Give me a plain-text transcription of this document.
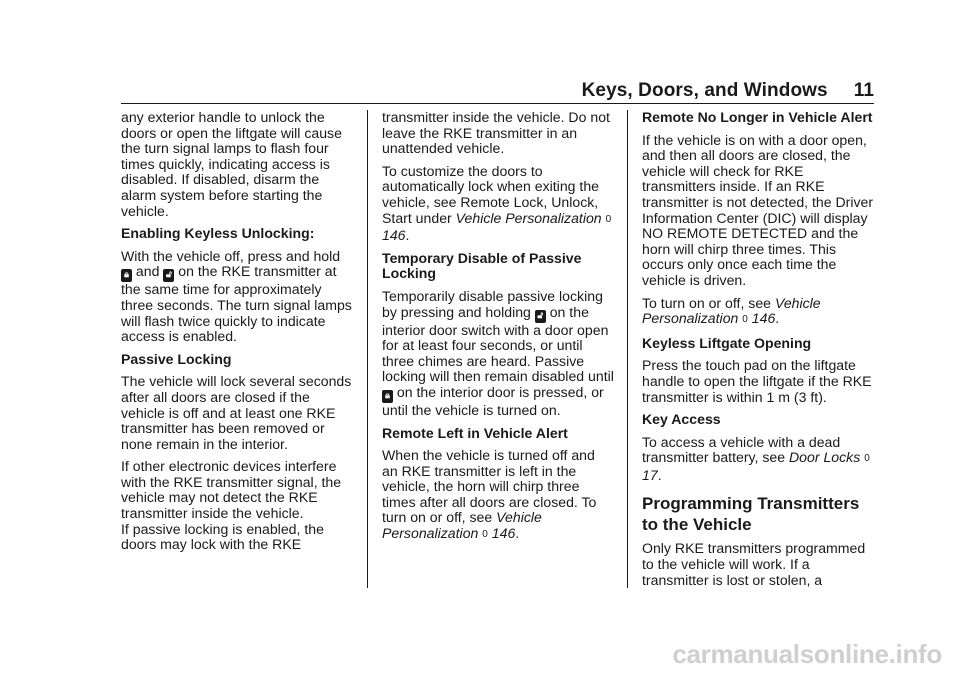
Keys, Doors, and Windows 11

any exterior handle to unlock the doors or open the liftgate will cause the turn signal lamps to flash four times quickly, indicating access is disabled. If disabled, disarm the alarm system before starting the vehicle.

Enabling Keyless Unlocking:

With the vehicle off, press and hold 🔒︎ and 🔓︎ on the RKE transmitter at the same time for approximately three seconds. The turn signal lamps will flash twice quickly to indicate access is enabled.

Passive Locking

The vehicle will lock several seconds after all doors are closed if the vehicle is off and at least one RKE transmitter has been removed or none remain in the interior.

If other electronic devices interfere with the RKE transmitter signal, the vehicle may not detect the RKE transmitter inside the vehicle.

If passive locking is enabled, the doors may lock with the RKE

transmitter inside the vehicle. Do not leave the RKE transmitter in an unattended vehicle.

To customize the doors to automatically lock when exiting the vehicle, see Remote Lock, Unlock, Start under Vehicle Personalization 0 146.

Temporary Disable of Passive Locking

Temporarily disable passive locking by pressing and holding 🔓︎ on the interior door switch with a door open for at least four seconds, or until three chimes are heard. Passive locking will then remain disabled until 🔒︎ on the interior door is pressed, or until the vehicle is turned on.

Remote Left in Vehicle Alert

When the vehicle is turned off and an RKE transmitter is left in the vehicle, the horn will chirp three times after all doors are closed. To turn on or off, see Vehicle Personalization 0 146.

Remote No Longer in Vehicle Alert

If the vehicle is on with a door open, and then all doors are closed, the vehicle will check for RKE transmitters inside. If an RKE transmitter is not detected, the Driver Information Center (DIC) will display NO REMOTE DETECTED and the horn will chirp three times. This occurs only once each time the vehicle is driven.

To turn on or off, see Vehicle Personalization 0 146.

Keyless Liftgate Opening

Press the touch pad on the liftgate handle to open the liftgate if the RKE transmitter is within 1 m (3 ft).

Key Access

To access a vehicle with a dead transmitter battery, see Door Locks 0 17.

Programming Transmitters to the Vehicle

Only RKE transmitters programmed to the vehicle will work. If a transmitter is lost or stolen, a

carmanualsonline.info
